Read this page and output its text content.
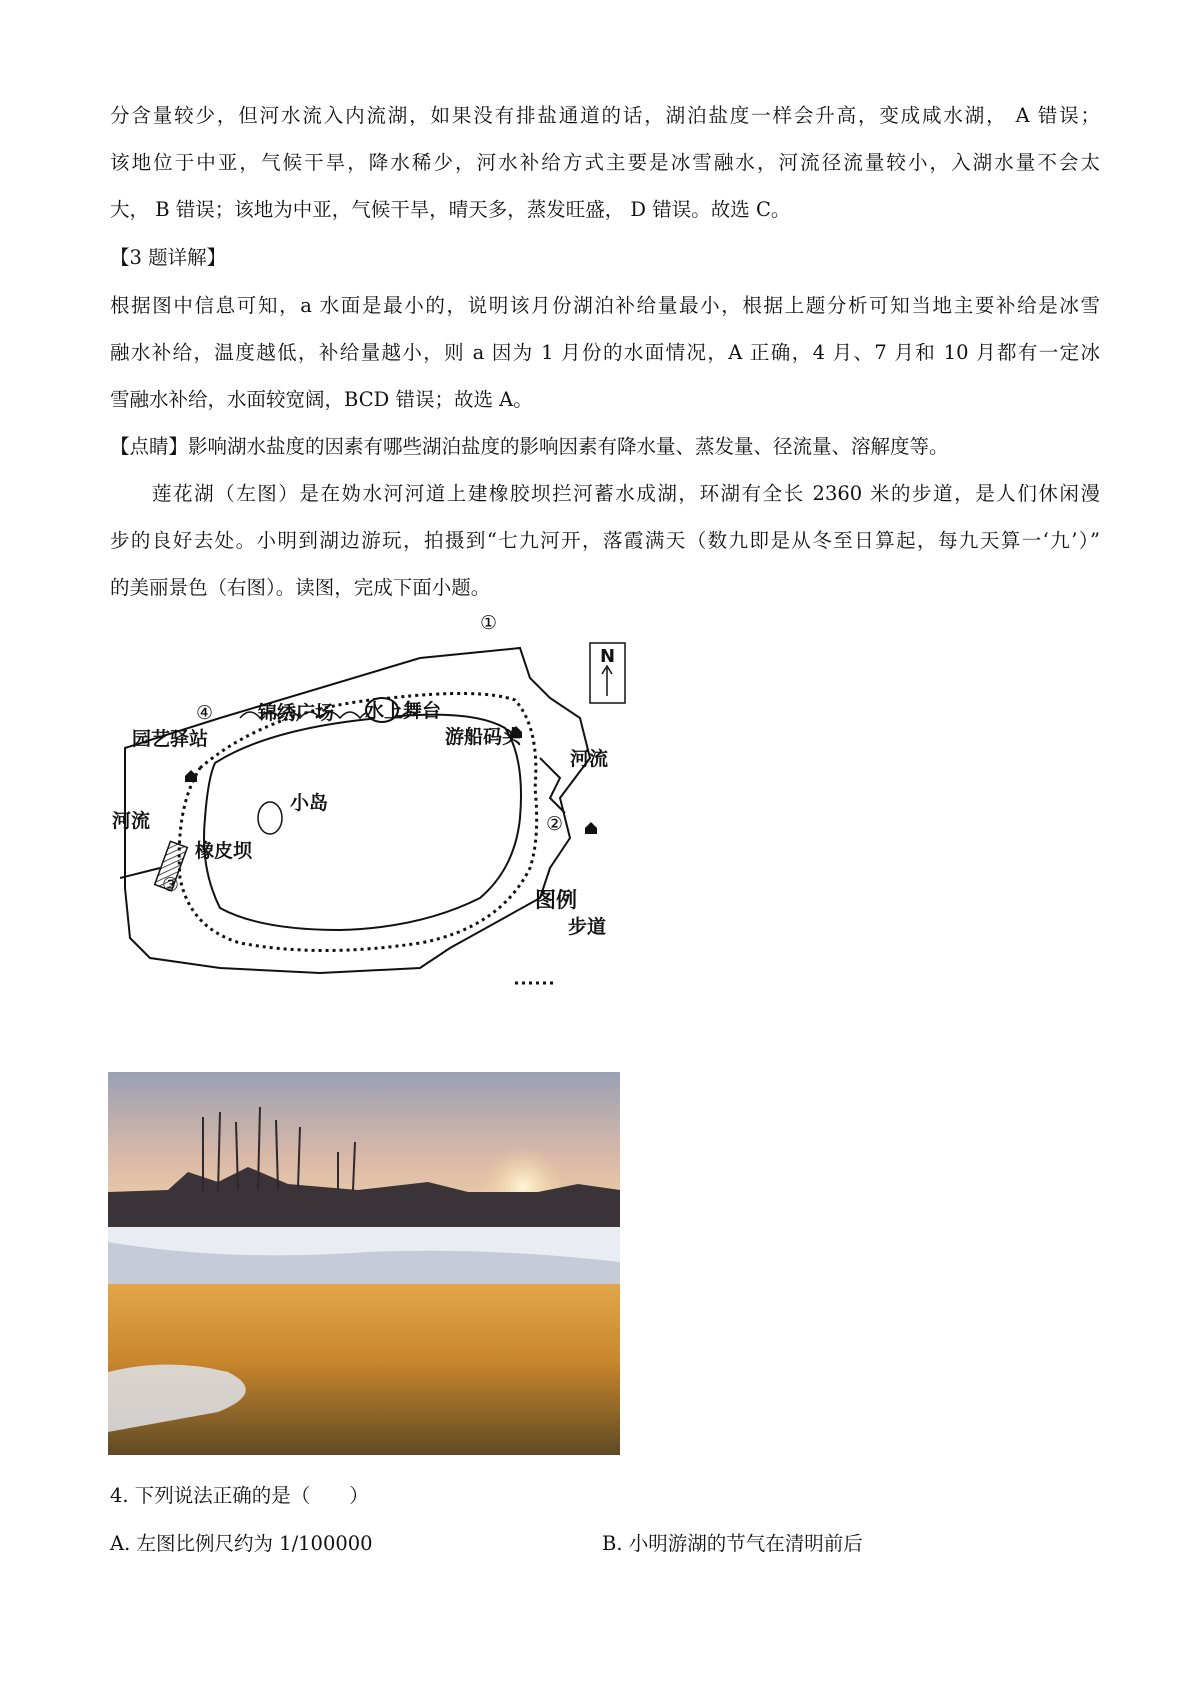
分含量较少，但河水流入内流湖，如果没有排盐通道的话，湖泊盐度一样会升高，变成咸水湖， A 错误；
该地位于中亚，气候干旱，降水稀少，河水补给方式主要是冰雪融水，河流径流量较小，入湖水量不会太
大， B 错误；该地为中亚，气候干旱，晴天多，蒸发旺盛， D 错误。故选 C。
【3 题详解】
根据图中信息可知，a 水面是最小的，说明该月份湖泊补给量最小，根据上题分析可知当地主要补给是冰雪
融水补给，温度越低，补给量越小，则 a 因为 1 月份的水面情况，A 正确，4 月、7 月和 10 月都有一定冰
雪融水补给，水面较宽阔，BCD 错误；故选 A。
【点睛】影响湖水盐度的因素有哪些湖泊盐度的影响因素有降水量、蒸发量、径流量、溶解度等。
莲花湖（左图）是在妫水河河道上建橡胶坝拦河蓄水成湖，环湖有全长 2360 米的步道，是人们休闲漫
步的良好去处。小明到湖边游玩，拍摄到“七九河开，落霞满天（数九即是从冬至日算起，每九天算一‘九’）”
的美丽景色（右图）。读图，完成下面小题。
N
锦绣广场 水上舞台
园艺驿站	游船码头
河流
河流
小岛
橡皮坝
图例
步道
①
②
③
④
4. 下列说法正确的是（　　）
A. 左图比例尺约为 1/100000	B. 小明游湖的节气在清明前后
